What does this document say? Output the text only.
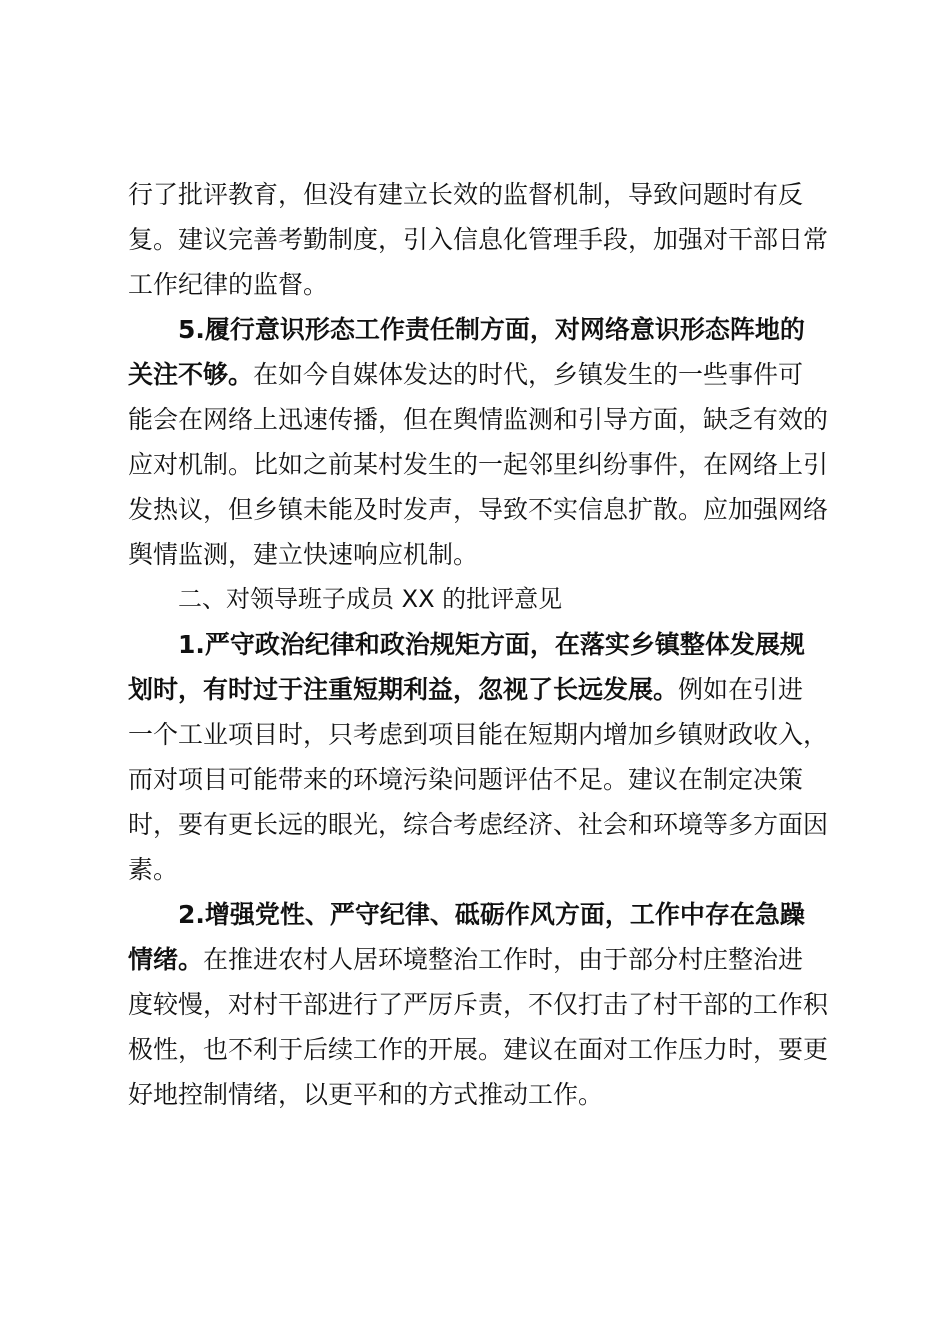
行了批评教育，但没有建立长效的监督机制，导致问题时有反复。建议完善考勤制度，引入信息化管理手段，加强对干部日常工作纪律的监督。

5.履行意识形态工作责任制方面，对网络意识形态阵地的关注不够。在如今自媒体发达的时代，乡镇发生的一些事件可能会在网络上迅速传播，但在舆情监测和引导方面，缺乏有效的应对机制。比如之前某村发生的一起邻里纠纷事件，在网络上引发热议，但乡镇未能及时发声，导致不实信息扩散。应加强网络舆情监测，建立快速响应机制。

二、对领导班子成员 XX 的批评意见

1.严守政治纪律和政治规矩方面，在落实乡镇整体发展规划时，有时过于注重短期利益，忽视了长远发展。例如在引进一个工业项目时，只考虑到项目能在短期内增加乡镇财政收入，而对项目可能带来的环境污染问题评估不足。建议在制定决策时，要有更长远的眼光，综合考虑经济、社会和环境等多方面因素。

2.增强党性、严守纪律、砥砺作风方面，工作中存在急躁情绪。在推进农村人居环境整治工作时，由于部分村庄整治进度较慢，对村干部进行了严厉斥责，不仅打击了村干部的工作积极性，也不利于后续工作的开展。建议在面对工作压力时，要更好地控制情绪，以更平和的方式推动工作。
